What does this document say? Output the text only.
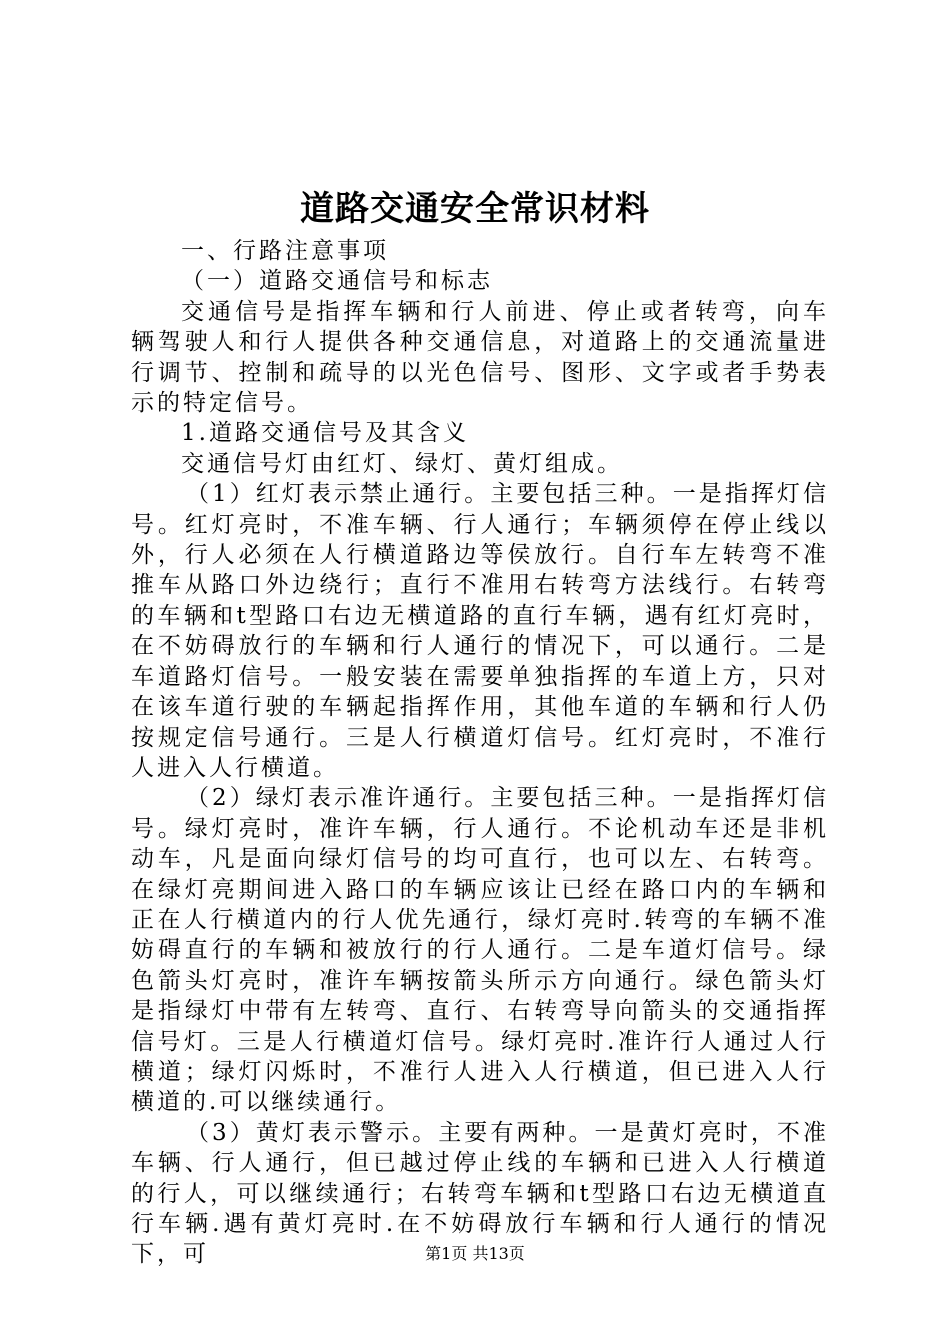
道路交通安全常识材料

一、行路注意事项

（一）道路交通信号和标志

交通信号是指挥车辆和行人前进、停止或者转弯，向车辆驾驶人和行人提供各种交通信息，对道路上的交通流量进行调节、控制和疏导的以光色信号、图形、文字或者手势表示的特定信号。

1.道路交通信号及其含义

交通信号灯由红灯、绿灯、黄灯组成。

（1）红灯表示禁止通行。主要包括三种。一是指挥灯信号。红灯亮时，不准车辆、行人通行；车辆须停在停止线以外，行人必须在人行横道路边等侯放行。自行车左转弯不准推车从路口外边绕行；直行不准用右转弯方法线行。右转弯的车辆和t型路口右边无横道路的直行车辆，遇有红灯亮时，在不妨碍放行的车辆和行人通行的情况下，可以通行。二是车道路灯信号。一般安装在需要单独指挥的车道上方，只对在该车道行驶的车辆起指挥作用，其他车道的车辆和行人仍按规定信号通行。三是人行横道灯信号。红灯亮时，不准行人进入人行横道。

（2）绿灯表示准许通行。主要包括三种。一是指挥灯信号。绿灯亮时，准许车辆，行人通行。不论机动车还是非机动车，凡是面向绿灯信号的均可直行，也可以左、右转弯。在绿灯亮期间进入路口的车辆应该让已经在路口内的车辆和正在人行横道内的行人优先通行，绿灯亮时.转弯的车辆不准妨碍直行的车辆和被放行的行人通行。二是车道灯信号。绿色箭头灯亮时，准许车辆按箭头所示方向通行。绿色箭头灯是指绿灯中带有左转弯、直行、右转弯导向箭头的交通指挥信号灯。三是人行横道灯信号。绿灯亮时.准许行人通过人行横道；绿灯闪烁时，不准行人进入人行横道，但已进入人行横道的.可以继续通行。

（3）黄灯表示警示。主要有两种。一是黄灯亮时，不准车辆、行人通行，但已越过停止线的车辆和已进入人行横道的行人，可以继续通行；右转弯车辆和t型路口右边无横道直行车辆.遇有黄灯亮时.在不妨碍放行车辆和行人通行的情况下，可	第1页 共13页
